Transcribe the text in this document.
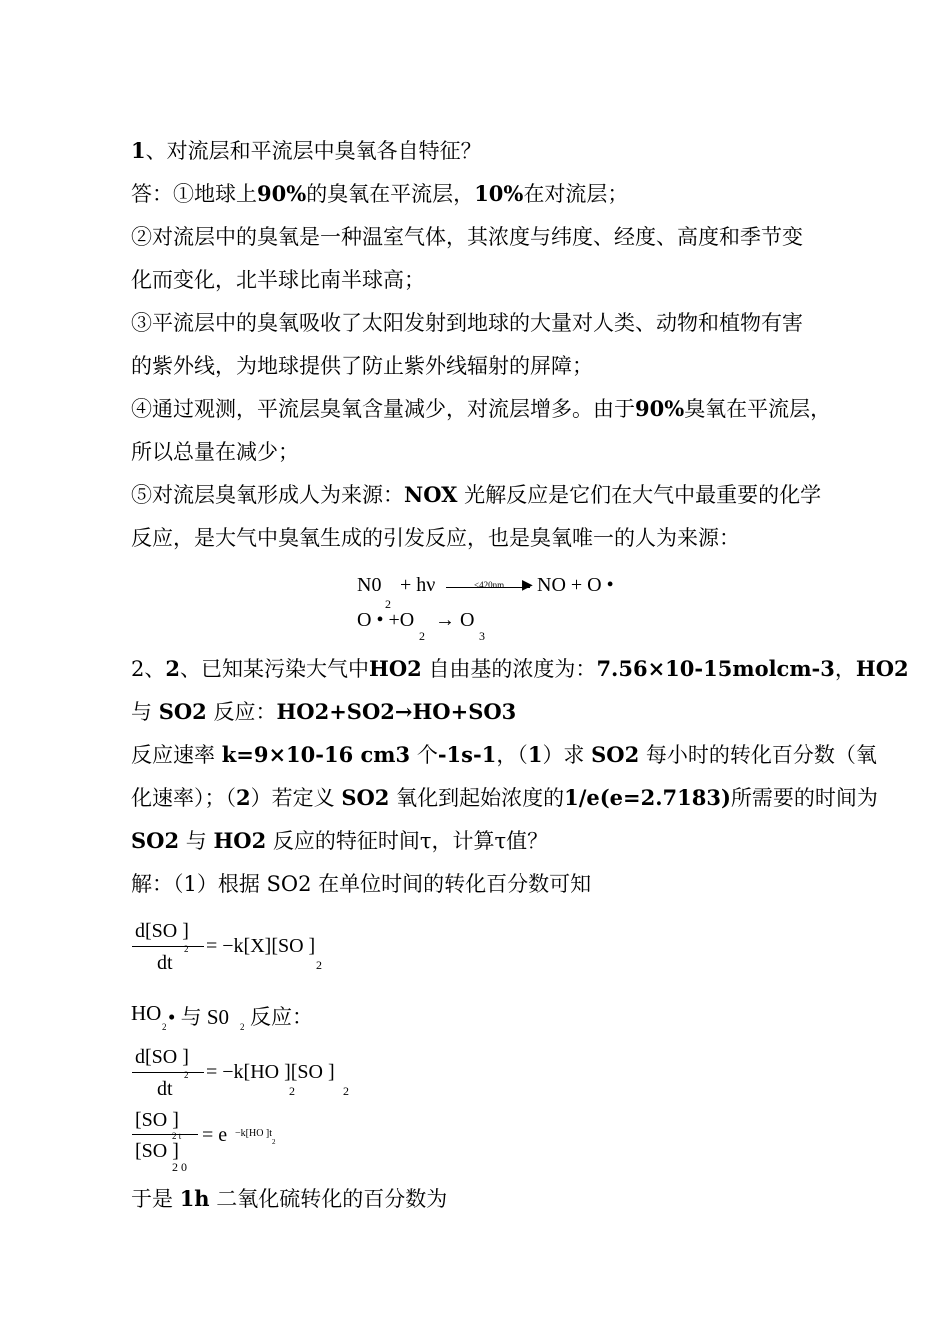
1、对流层和平流层中臭氧各自特征？
答：①地球上90%的臭氧在平流层，10%在对流层；
②对流层中的臭氧是一种温室气体，其浓度与纬度、经度、高度和季节变
化而变化，北半球比南半球高；
③平流层中的臭氧吸收了太阳发射到地球的大量对人类、动物和植物有害
的紫外线，为地球提供了防止紫外线辐射的屏障；
④通过观测，平流层臭氧含量减少，对流层增多。由于90%臭氧在平流层，
所以总量在减少；
⑤对流层臭氧形成人为来源：NOX 光解反应是它们在大气中最重要的化学
反应，是大气中臭氧生成的引发反应，也是臭氧唯一的人为来源：
N0
2
+ hν	<420nm ▶ NO + O •
O • +O
2
→ O
3
2、2、已知某污染大气中HO2 自由基的浓度为：7.56×10-15molcm-3，HO2
与 SO2 反应：HO2+SO2→HO+SO3
反应速率 k=9×10-16 cm3 个-1s-1，（1）求 SO2 每小时的转化百分数（氧
化速率）；（2）若定义 SO2 氧化到起始浓度的1/e(e=2.7183)所需要的时间为
SO2 与 HO2 反应的特征时间τ，计算τ值？
解：（1）根据 SO2 在单位时间的转化百分数可知
d[SO ]
2
dt
= −k[X][SO ]
2
HO
2 • 与 S0 2 反应：
d[SO ]
2
dt
= −k[HO ][SO ]
2	2
[SO ]
2 t
[SO ]
2 0
= e −k[HO ]t
2
于是 1h 二氧化硫转化的百分数为
